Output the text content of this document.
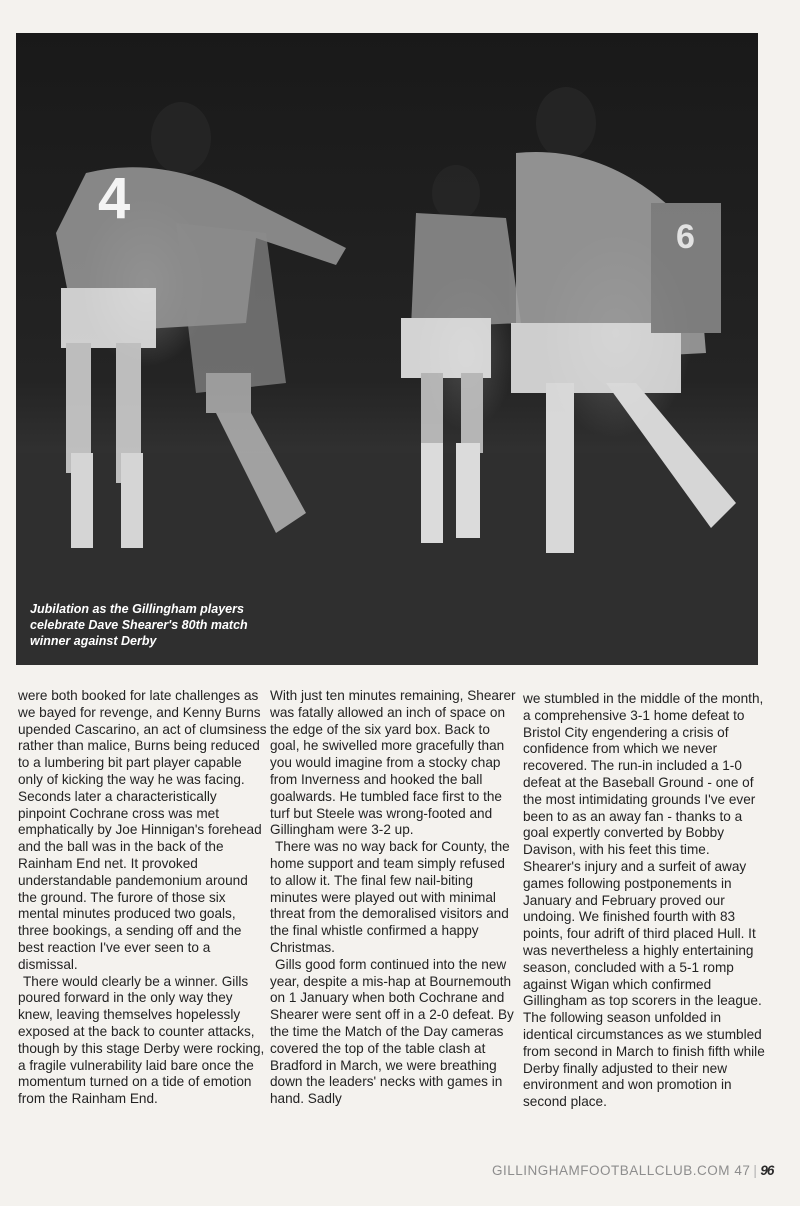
4
6
Jubilation as the Gillingham players celebrate Dave Shearer's 80th match winner against Derby

were both booked for late challenges as we bayed for revenge, and Kenny Burns upended Cascarino, an act of clumsiness rather than malice, Burns being reduced to a lumbering bit part player capable only of kicking the way he was facing. Seconds later a characteristically pinpoint Cochrane cross was met emphatically by Joe Hinnigan's forehead and the ball was in the back of the Rainham End net. It provoked understandable pandemonium around the ground. The furore of those six mental minutes produced two goals, three bookings, a sending off and the best reaction I've ever seen to a dismissal.

There would clearly be a winner. Gills poured forward in the only way they knew, leaving themselves hopelessly exposed at the back to counter attacks, though by this stage Derby were rocking, a fragile vulnerability laid bare once the momentum turned on a tide of emotion from the Rainham End.

With just ten minutes remaining, Shearer was fatally allowed an inch of space on the edge of the six yard box. Back to goal, he swivelled more gracefully than you would imagine from a stocky chap from Inverness and hooked the ball goalwards. He tumbled face first to the turf but Steele was wrong-footed and Gillingham were 3-2 up.

There was no way back for County, the home support and team simply refused to allow it. The final few nail-biting minutes were played out with minimal threat from the demoralised visitors and the final whistle confirmed a happy Christmas.

Gills good form continued into the new year, despite a mis-hap at Bournemouth on 1 January when both Cochrane and Shearer were sent off in a 2-0 defeat. By the time the Match of the Day cameras covered the top of the table clash at Bradford in March, we were breathing down the leaders' necks with games in hand. Sadly

we stumbled in the middle of the month, a comprehensive 3-1 home defeat to Bristol City engendering a crisis of confidence from which we never recovered. The run-in included a 1-0 defeat at the Baseball Ground - one of the most intimidating grounds I've ever been to as an away fan - thanks to a goal expertly converted by Bobby Davison, with his feet this time. Shearer's injury and a surfeit of away games following postponements in January and February proved our undoing. We finished fourth with 83 points, four adrift of third placed Hull. It was nevertheless a highly entertaining season, concluded with a 5-1 romp against Wigan which confirmed Gillingham as top scorers in the league. The following season unfolded in identical circumstances as we stumbled from second in March to finish fifth while Derby finally adjusted to their new environment and won promotion in second place.

GILLINGHAMFOOTBALLCLUB.COM 47 | 96
